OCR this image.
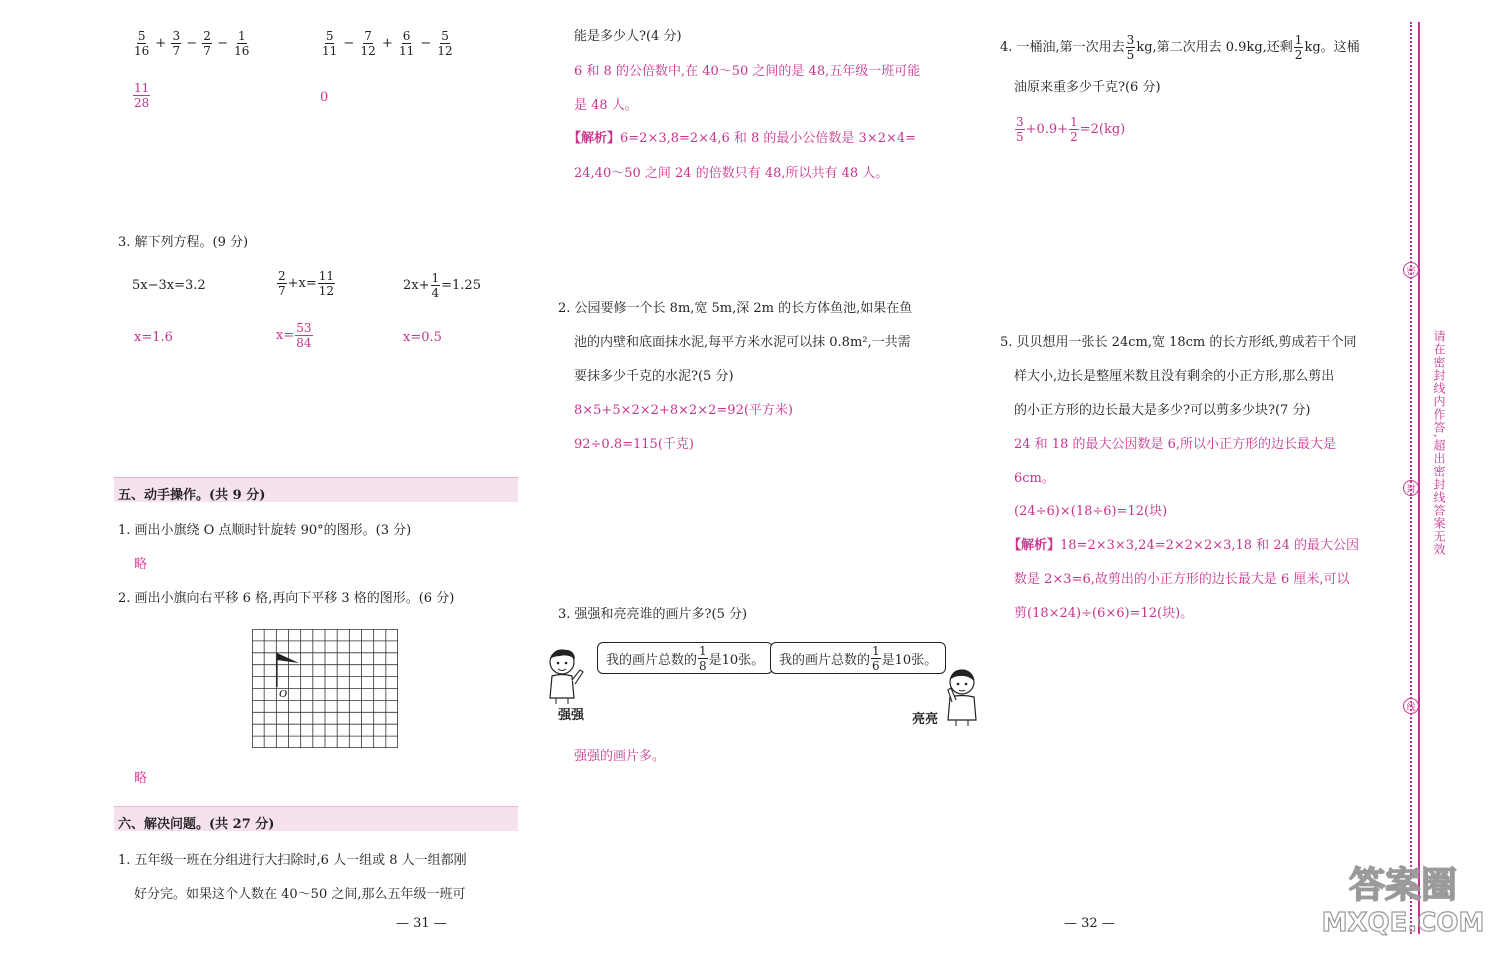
$\frac{5}{16} + \frac{3}{7} - \frac{2}{7} - \frac{1}{16}$
$\frac{11}{28}$
$\frac{5}{11} - \frac{7}{12} + \frac{6}{11} - \frac{5}{12}$
0
3. 解下列方程。(9 分)
5x−3x=3.2	$\frac{2}{7} +x= \frac{11}{12}$	$2x+ \frac{1}{4} =1.25$
x=1.6	$x= \frac{53}{84}$	x=0.5
五、动手操作。(共 9 分)
1. 画出小旗绕 O 点顺时针旋转 90°的图形。(3 分)
略
2. 画出小旗向右平移 6 格,再向下平移 3 格的图形。(6 分)
O
略
六、解决问题。(共 27 分)
1. 五年级一班在分组进行大扫除时,6 人一组或 8 人一组都刚
好分完。如果这个人数在 40～50 之间,那么五年级一班可
— 31 —
能是多少人?(4 分)
6 和 8 的公倍数中,在 40～50 之间的是 48,五年级一班可能
是 48 人。
【解析】6=2×3,8=2×4,6 和 8 的最小公倍数是 3×2×4=
24,40～50 之间 24 的倍数只有 48,所以共有 48 人。
2. 公园要修一个长 8m,宽 5m,深 2m 的长方体鱼池,如果在鱼
池的内壁和底面抹水泥,每平方米水泥可以抹 0.8m²,一共需
要抹多少千克的水泥?(5 分)
8×5+5×2×2+8×2×2=92(平方米)
92÷0.8=115(千克)
3. 强强和亮亮谁的画片多?(5 分)
强强
我的画片总数的 $\frac{1}{8}$ 是10张。 我的画片总数的 $\frac{1}{6}$ 是10张。
亮亮
强强的画片多。
— 32 —
4. 一桶油,第一次用去 $\frac{3}{5}$ kg,第二次用去 0.9kg,还剩 $\frac{1}{2}$ kg。这桶
油原来重多少千克?(6 分)
$\frac{3}{5} +0.9+ \frac{1}{2} =2(kg)$
5. 贝贝想用一张长 24cm,宽 18cm 的长方形纸,剪成若干个同
样大小,边长是整厘米数且没有剩余的小正方形,那么剪出
的小正方形的边长最大是多少?可以剪多少块?(7 分)
24 和 18 的最大公因数是 6,所以小正方形的边长最大是
6cm。
(24÷6)×(18÷6)=12(块)
【解析】18=2×3×3,24=2×2×2×3,18 和 24 的最大公因
数是 2×3=6,故剪出的小正方形的边长最大是 6 厘米,可以
剪(18×24)÷(6×6)=12(块)。
密
封
线
请在密封线内作答,超出密封线答案无效
答案圈
MXQE.COM
